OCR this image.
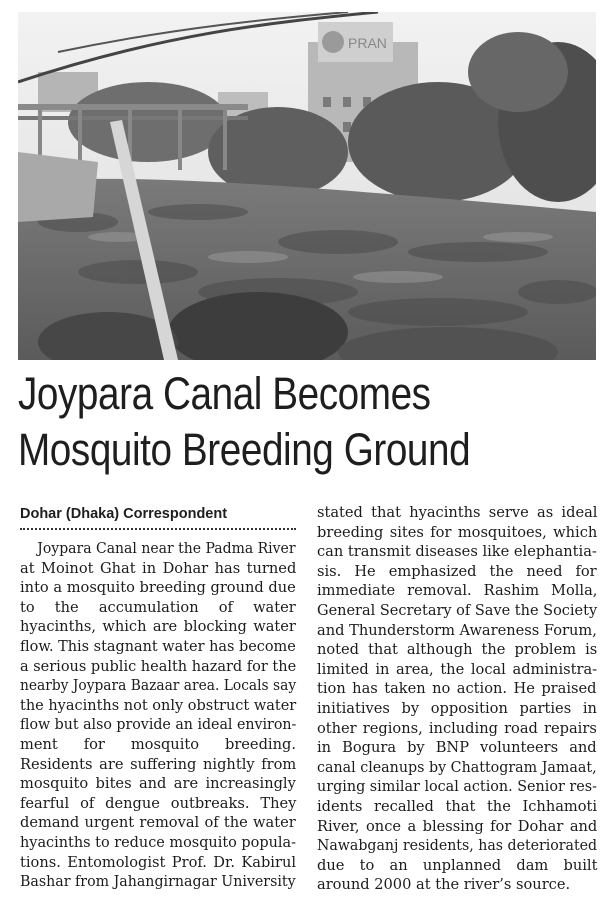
PRAN
Joypara Canal Becomes
Mosquito Breeding Ground
Dohar (Dhaka) Correspondent
Joypara Canal near the Padma River
at Moinot Ghat in Dohar has turned
into a mosquito breeding ground due
to the accumulation of water
hyacinths, which are blocking water
flow. This stagnant water has become
a serious public health hazard for the
nearby Joypara Bazaar area. Locals say
the hyacinths not only obstruct water
flow but also provide an ideal environ-
ment for mosquito breeding.
Residents are suffering nightly from
mosquito bites and are increasingly
fearful of dengue outbreaks. They
demand urgent removal of the water
hyacinths to reduce mosquito popula-
tions. Entomologist Prof. Dr. Kabirul
Bashar from Jahangirnagar University
stated that hyacinths serve as ideal
breeding sites for mosquitoes, which
can transmit diseases like elephantia-
sis. He emphasized the need for
immediate removal. Rashim Molla,
General Secretary of Save the Society
and Thunderstorm Awareness Forum,
noted that although the problem is
limited in area, the local administra-
tion has taken no action. He praised
initiatives by opposition parties in
other regions, including road repairs
in Bogura by BNP volunteers and
canal cleanups by Chattogram Jamaat,
urging similar local action. Senior res-
idents recalled that the Ichhamoti
River, once a blessing for Dohar and
Nawabganj residents, has deteriorated
due to an unplanned dam built
around 2000 at the river’s source.
